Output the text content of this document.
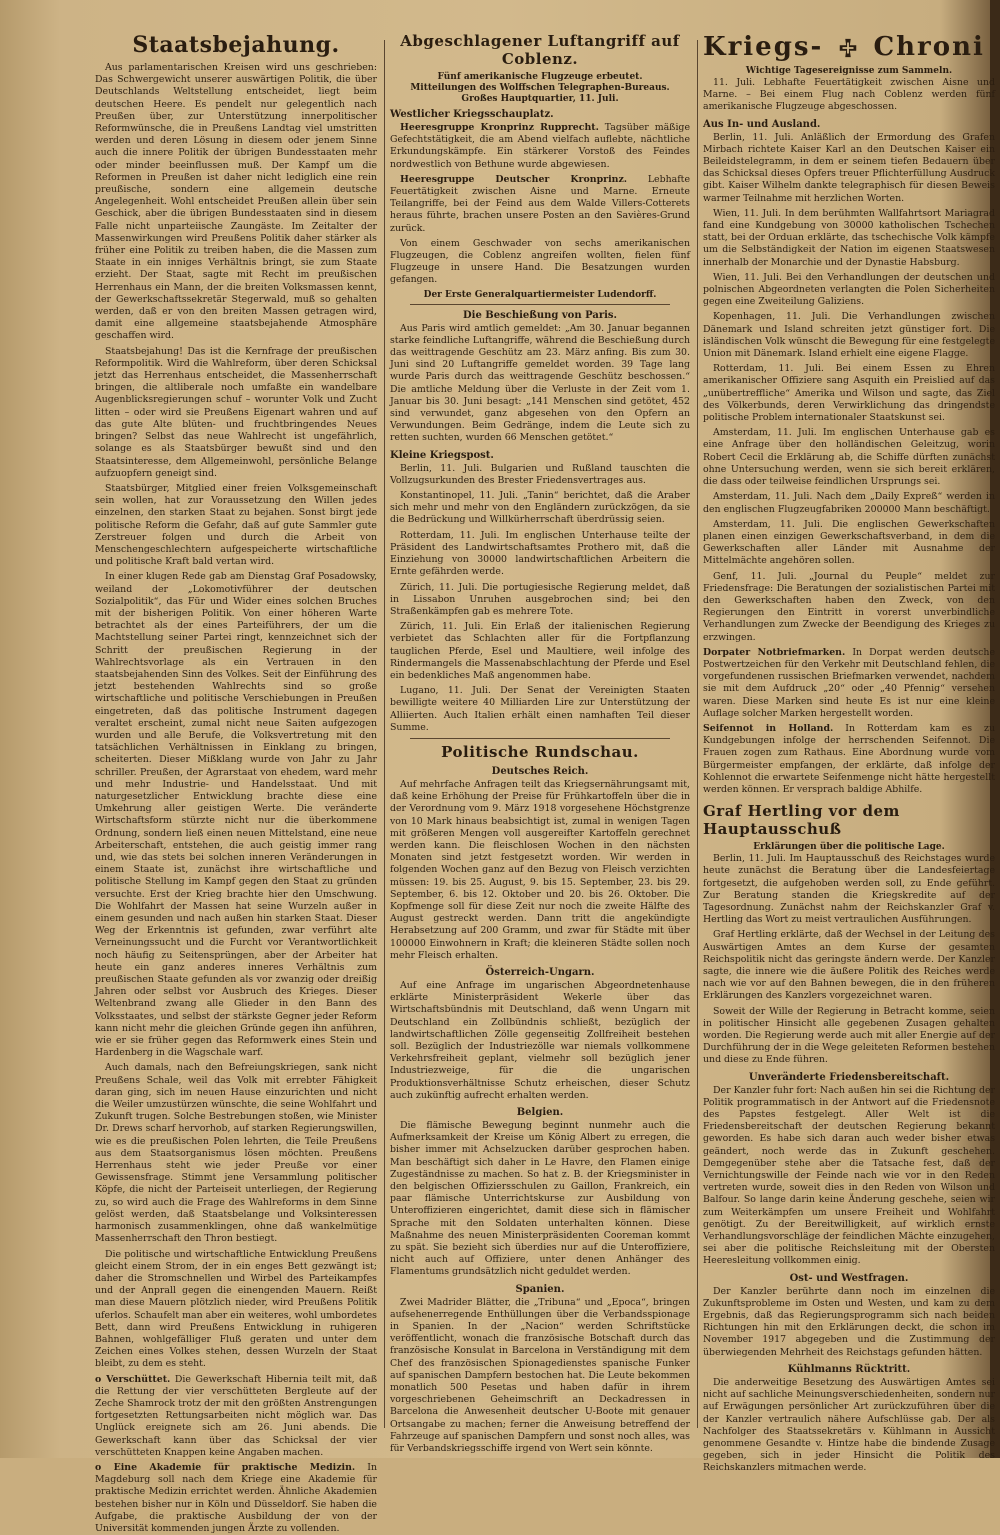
Staatsbejahung.

Aus parlamentarischen Kreisen wird uns geschrieben: Das Schwergewicht unserer auswärtigen Politik, die über Deutschlands Weltstellung entscheidet, liegt beim deutschen Heere. Es pendelt nur gelegentlich nach Preußen über, zur Unterstützung innerpolitischer Reformwünsche, die in Preußens Landtag viel umstritten werden und deren Lösung in diesem oder jenem Sinne auch die innere Politik der übrigen Bundesstaaten mehr oder minder beeinflussen muß. Der Kampf um die Reformen in Preußen ist daher nicht lediglich eine rein preußische, sondern eine allgemein deutsche Angelegenheit. Wohl entscheidet Preußen allein über sein Geschick, aber die übrigen Bundesstaaten sind in diesem Falle nicht unparteiische Zaungäste. Im Zeitalter der Massenwirkungen wird Preußens Politik daher stärker als früher eine Politik zu treiben haben, die die Massen zum Staate in ein inniges Verhältnis bringt, sie zum Staate erzieht. Der Staat, sagte mit Recht im preußischen Herrenhaus ein Mann, der die breiten Volksmassen kennt, der Gewerkschaftssekretär Stegerwald, muß so gehalten werden, daß er von den breiten Massen getragen wird, damit eine allgemeine staatsbejahende Atmosphäre geschaffen wird.

Staatsbejahung! Das ist die Kernfrage der preußischen Reformpolitik. Wird die Wahlreform, über deren Schicksal jetzt das Herrenhaus entscheidet, die Massenherrschaft bringen, die altliberale noch umfaßte ein wandelbare Augenblicksregierungen schuf – worunter Volk und Zucht litten – oder wird sie Preußens Eigenart wahren und auf das gute Alte blüten- und fruchtbringendes Neues bringen? Selbst das neue Wahlrecht ist ungefährlich, solange es als Staatsbürger bewußt sind und den Staatsinteresse, dem Allgemeinwohl, persönliche Belange aufzuopfern geneigt sind.

Staatsbürger, Mitglied einer freien Volksgemeinschaft sein wollen, hat zur Voraussetzung den Willen jedes einzelnen, den starken Staat zu bejahen. Sonst birgt jede politische Reform die Gefahr, daß auf gute Sammler gute Zerstreuer folgen und durch die Arbeit von Menschengeschlechtern aufgespeicherte wirtschaftliche und politische Kraft bald vertan wird.

In einer klugen Rede gab am Dienstag Graf Posadowsky, weiland der „Lokomotivführer der deutschen Sozialpolitik“, das Für und Wider eines solchen Bruches mit der bisherigen Politik. Von einer höheren Warte betrachtet als der eines Parteiführers, der um die Machtstellung seiner Partei ringt, kennzeichnet sich der Schritt der preußischen Regierung in der Wahlrechtsvorlage als ein Vertrauen in den staatsbejahenden Sinn des Volkes. Seit der Einführung des jetzt bestehenden Wahlrechts sind so große wirtschaftliche und politische Verschiebungen in Preußen eingetreten, daß das politische Instrument dagegen veraltet erscheint, zumal nicht neue Saiten aufgezogen wurden und alle Berufe, die Volksvertretung mit den tatsächlichen Verhältnissen in Einklang zu bringen, scheiterten. Dieser Mißklang wurde von Jahr zu Jahr schriller. Preußen, der Agrarstaat von ehedem, ward mehr und mehr Industrie- und Handelsstaat. Und mit naturgesetzlicher Entwicklung brachte diese eine Umkehrung aller geistigen Werte. Die veränderte Wirtschaftsform stürzte nicht nur die überkommene Ordnung, sondern ließ einen neuen Mittelstand, eine neue Arbeiterschaft, entstehen, die auch geistig immer rang und, wie das stets bei solchen inneren Veränderungen in einem Staate ist, zunächst ihre wirtschaftliche und politische Stellung im Kampf gegen den Staat zu gründen versuchte. Erst der Krieg brachte hier den Umschwung. Die Wohlfahrt der Massen hat seine Wurzeln außer in einem gesunden und nach außen hin starken Staat. Dieser Weg der Erkenntnis ist gefunden, zwar verführt alte Verneinungssucht und die Furcht vor Verantwortlichkeit noch häufig zu Seitensprüngen, aber der Arbeiter hat heute ein ganz anderes inneres Verhältnis zum preußischen Staate gefunden als vor zwanzig oder dreißig Jahren oder selbst vor Ausbruch des Krieges. Dieser Weltenbrand zwang alle Glieder in den Bann des Volksstaates, und selbst der stärkste Gegner jeder Reform kann nicht mehr die gleichen Gründe gegen ihn anführen, wie er sie früher gegen das Reformwerk eines Stein und Hardenberg in die Wagschale warf.

Auch damals, nach den Befreiungskriegen, sank nicht Preußens Schale, weil das Volk mit errebter Fähigkeit daran ging, sich im neuen Hause einzurichten und nicht die Weiler umzustürzen wünschte, die seine Wohlfahrt und Zukunft trugen. Solche Bestrebungen stoßen, wie Minister Dr. Drews scharf hervorhob, auf starken Regierungswillen, wie es die preußischen Polen lehrten, die Teile Preußens aus dem Staatsorganismus lösen möchten. Preußens Herrenhaus steht wie jeder Preuße vor einer Gewissensfrage. Stimmt jene Versammlung politischer Köpfe, die nicht der Parteiseit unterliegen, der Regierung zu, so wird auch die Frage des Wahlreforms in dem Sinne gelöst werden, daß Staatsbelange und Volksinteressen harmonisch zusammenklingen, ohne daß wankelmütige Massenherrschaft den Thron bestiegt.

Die politische und wirtschaftliche Entwicklung Preußens gleicht einem Strom, der in ein enges Bett gezwängt ist; daher die Stromschnellen und Wirbel des Parteikampfes und der Anprall gegen die einengenden Mauern. Reißt man diese Mauern plötzlich nieder, wird Preußens Politik uferlos. Schaufelt man aber ein weiteres, wohl umbordetes Bett, dann wird Preußens Entwicklung in ruhigeren Bahnen, wohlgefälliger Fluß geraten und unter dem Zeichen eines Volkes stehen, dessen Wurzeln der Staat bleibt, zu dem es steht.

o Verschüttet. Die Gewerkschaft Hibernia teilt mit, daß die Rettung der vier verschütteten Bergleute auf der Zeche Shamrock trotz der mit den größten Anstrengungen fortgesetzten Rettungsarbeiten nicht möglich war. Das Unglück ereignete sich am 26. Juni abends. Die Gewerkschaft kann über das Schicksal der vier verschütteten Knappen keine Angaben machen.

o Eine Akademie für praktische Medizin. In Magdeburg soll nach dem Kriege eine Akademie für praktische Medizin errichtet werden. Ähnliche Akademien bestehen bisher nur in Köln und Düsseldorf. Sie haben die Aufgabe, die praktische Ausbildung der von der Universität kommenden jungen Ärzte zu vollenden.

Abgeschlagener Luftangriff auf Coblenz.
Fünf amerikanische Flugzeuge erbeutet.
Mitteilungen des Wolffschen Telegraphen-Bureaus.
Großes Hauptquartier, 11. Juli.
Westlicher Kriegsschauplatz.

Heeresgruppe Kronprinz Rupprecht. Tagsüber mäßige Gefechtstätigkeit, die am Abend vielfach auflebte, nächtliche Erkundungskämpfe. Ein stärkerer Vorstoß des Feindes nordwestlich von Bethune wurde abgewiesen.

Heeresgruppe Deutscher Kronprinz. Lebhafte Feuertätigkeit zwischen Aisne und Marne. Erneute Teilangriffe, bei der Feind aus dem Walde Villers-Cotterets heraus führte, brachen unsere Posten an den Savières-Grund zurück.

Von einem Geschwader von sechs amerikanischen Flugzeugen, die Coblenz angreifen wollten, fielen fünf Flugzeuge in unsere Hand. Die Besatzungen wurden gefangen.

Der Erste Generalquartiermeister Ludendorff.
Die Beschießung von Paris.

Aus Paris wird amtlich gemeldet: „Am 30. Januar begannen starke feindliche Luftangriffe, während die Beschießung durch das weittragende Geschütz am 23. März anfing. Bis zum 30. Juni sind 20 Luftangriffe gemeldet worden. 39 Tage lang wurde Paris durch das weittragende Geschütz beschossen.“ Die amtliche Meldung über die Verluste in der Zeit vom 1. Januar bis 30. Juni besagt: „141 Menschen sind getötet, 452 sind verwundet, ganz abgesehen von den Opfern an Verwundungen. Beim Gedränge, indem die Leute sich zu retten suchten, wurden 66 Menschen getötet.“

Kleine Kriegspost.

Berlin, 11. Juli. Bulgarien und Rußland tauschten die Vollzugsurkunden des Brester Friedensvertrages aus.

Konstantinopel, 11. Juli. „Tanin“ berichtet, daß die Araber sich mehr und mehr von den Engländern zurückzögen, da sie die Bedrückung und Willkürherrschaft überdrüssig seien.

Rotterdam, 11. Juli. Im englischen Unterhause teilte der Präsident des Landwirtschaftsamtes Prothero mit, daß die Einziehung von 30000 landwirtschaftlichen Arbeitern die Ernte gefährden werde.

Zürich, 11. Juli. Die portugiesische Regierung meldet, daß in Lissabon Unruhen ausgebrochen sind; bei den Straßenkämpfen gab es mehrere Tote.

Zürich, 11. Juli. Ein Erlaß der italienischen Regierung verbietet das Schlachten aller für die Fortpflanzung tauglichen Pferde, Esel und Maultiere, weil infolge des Rindermangels die Massenabschlachtung der Pferde und Esel ein bedenkliches Maß angenommen habe.

Lugano, 11. Juli. Der Senat der Vereinigten Staaten bewilligte weitere 40 Milliarden Lire zur Unterstützung der Alliierten. Auch Italien erhält einen namhaften Teil dieser Summe.

Politische Rundschau.
Deutsches Reich.

Auf mehrfache Anfragen teilt das Kriegsernährungsamt mit, daß keine Erhöhung der Preise für Frühkartoffeln über die in der Verordnung vom 9. März 1918 vorgesehene Höchstgrenze von 10 Mark hinaus beabsichtigt ist, zumal in wenigen Tagen mit größeren Mengen voll ausgereifter Kartoffeln gerechnet werden kann. Die fleischlosen Wochen in den nächsten Monaten sind jetzt festgesetzt worden. Wir werden in folgenden Wochen ganz auf den Bezug von Fleisch verzichten müssen: 19. bis 25. August, 9. bis 15. September, 23. bis 29. September, 6. bis 12. Oktober und 20. bis 26. Oktober. Die Kopfmenge soll für diese Zeit nur noch die zweite Hälfte des August gestreckt werden. Dann tritt die angekündigte Herabsetzung auf 200 Gramm, und zwar für Städte mit über 100000 Einwohnern in Kraft; die kleineren Städte sollen noch mehr Fleisch erhalten.

Österreich-Ungarn.

Auf eine Anfrage im ungarischen Abgeordnetenhause erklärte Ministerpräsident Wekerle über das Wirtschaftsbündnis mit Deutschland, daß wenn Ungarn mit Deutschland ein Zollbündnis schließt, bezüglich der landwirtschaftlichen Zölle gegenseitig Zollfreiheit bestehen soll. Bezüglich der Industriezölle war niemals vollkommene Verkehrsfreiheit geplant, vielmehr soll bezüglich jener Industriezweige, für die die ungarischen Produktionsverhältnisse Schutz erheischen, dieser Schutz auch zukünftig aufrecht erhalten werden.

Belgien.

Die flämische Bewegung beginnt nunmehr auch die Aufmerksamkeit der Kreise um König Albert zu erregen, die bisher immer mit Achselzucken darüber gesprochen haben. Man beschäftigt sich daher in Le Havre, den Flamen einige Zugeständnisse zu machen. So hat z. B. der Kriegsminister in den belgischen Offiziersschulen zu Gaillon, Frankreich, ein paar flämische Unterrichtskurse zur Ausbildung von Unteroffizieren eingerichtet, damit diese sich in flämischer Sprache mit den Soldaten unterhalten können. Diese Maßnahme des neuen Ministerpräsidenten Cooreman kommt zu spät. Sie bezieht sich überdies nur auf die Unteroffiziere, nicht auch auf Offiziere, unter denen Anhänger des Flamentums grundsätzlich nicht geduldet werden.

Spanien.

Zwei Madrider Blätter, die „Tribuna“ und „Epoca“, bringen aufsehenerregende Enthüllungen über die Verbandsspionage in Spanien. In der „Nacion“ werden Schriftstücke veröffentlicht, wonach die französische Botschaft durch das französische Konsulat in Barcelona in Verständigung mit dem Chef des französischen Spionagedienstes spanische Funker auf spanischen Dampfern bestochen hat. Die Leute bekommen monatlich 500 Pesetas und haben dafür in ihrem vorgeschriebenen Geheimschrift an Deckadressen in Barcelona die Anwesenheit deutscher U-Boote mit genauer Ortsangabe zu machen; ferner die Anweisung betreffend der Fahrzeuge auf spanischen Dampfern und sonst noch alles, was für Verbandskriegsschiffe irgend von Wert sein könnte.

Kriegs- Chroni
Wichtige Tagesereignisse zum Sammeln.

11. Juli. Lebhafte Feuertätigkeit zwischen Aisne und Marne. – Bei einem Flug nach Coblenz werden fünf amerikanische Flugzeuge abgeschossen.

Aus In- und Ausland.

Berlin, 11. Juli. Anläßlich der Ermordung des Grafen Mirbach richtete Kaiser Karl an den Deutschen Kaiser ein Beileidstelegramm, in dem er seinem tiefen Bedauern über das Schicksal dieses Opfers treuer Pflichterfüllung Ausdruck gibt. Kaiser Wilhelm dankte telegraphisch für diesen Beweis warmer Teilnahme mit herzlichen Worten.

Wien, 11. Juli. In dem berühmten Wallfahrtsort Mariagrad fand eine Kundgebung von 30000 katholischen Tschechen statt, bei der Orduan erklärte, das tschechische Volk kämpfe um die Selbständigkeit der Nation im eigenen Staatswesen innerhalb der Monarchie und der Dynastie Habsburg.

Wien, 11. Juli. Bei den Verhandlungen der deutschen und polnischen Abgeordneten verlangten die Polen Sicherheiten gegen eine Zweiteilung Galiziens.

Kopenhagen, 11. Juli. Die Verhandlungen zwischen Dänemark und Island schreiten jetzt günstiger fort. Die isländischen Volk wünscht die Bewegung für eine festgelegte Union mit Dänemark. Island erhielt eine eigene Flagge.

Rotterdam, 11. Juli. Bei einem Essen zu Ehren amerikanischer Offiziere sang Asquith ein Preislied auf das „unübertreffliche“ Amerika und Wilson und sagte, das Ziel des Völkerbunds, deren Verwirklichung das dringendste politische Problem internationaler Staatskunst sei.

Amsterdam, 11. Juli. Im englischen Unterhause gab es eine Anfrage über den holländischen Geleitzug, worin Robert Cecil die Erklärung ab, die Schiffe dürften zunächst ohne Untersuchung werden, wenn sie sich bereit erklären, die dass oder teilweise feindlichen Ursprungs sei.

Amsterdam, 11. Juli. Nach dem „Daily Expreß“ werden in den englischen Flugzeugfabriken 200000 Mann beschäftigt.

Amsterdam, 11. Juli. Die englischen Gewerkschaften planen einen einzigen Gewerkschaftsverband, in dem die Gewerkschaften aller Länder mit Ausnahme der Mittelmächte angehören sollen.

Genf, 11. Juli. „Journal du Peuple“ meldet zur Friedensfrage: Die Beratungen der sozialistischen Partei mit den Gewerkschaften haben den Zweck, von den Regierungen den Eintritt in vorerst unverbindliche Verhandlungen zum Zwecke der Beendigung des Krieges zu erzwingen.

Dorpater Notbriefmarken. In Dorpat werden deutsche Postwertzeichen für den Verkehr mit Deutschland fehlen, die vorgefundenen russischen Briefmarken verwendet, nachdem sie mit dem Aufdruck „20“ oder „40 Pfennig“ versehen waren. Diese Marken sind heute Es ist nur eine kleine Auflage solcher Marken hergestellt worden.

Seifennot in Holland. In Rotterdam kam es zu Kundgebungen infolge der herrschenden Seifennot. Die Frauen zogen zum Rathaus. Eine Abordnung wurde vom Bürgermeister empfangen, der erklärte, daß infolge der Kohlennot die erwartete Seifenmenge nicht hätte hergestellt werden können. Er versprach baldige Abhilfe.

Graf Hertling vor dem Hauptausschuß
Erklärungen über die politische Lage.

Berlin, 11. Juli. Im Hauptausschuß des Reichstages wurde heute zunächst die Beratung über die Landesfeiertage fortgesetzt, die aufgehoben werden soll, zu Ende geführt. Zur Beratung standen die Kriegskredite auf der Tagesordnung. Zunächst nahm der Reichskanzler Graf v. Hertling das Wort zu meist vertraulichen Ausführungen.

Graf Hertling erklärte, daß der Wechsel in der Leitung des Auswärtigen Amtes an dem Kurse der gesamten Reichspolitik nicht das geringste ändern werde. Der Kanzler sagte, die innere wie die äußere Politik des Reiches werde nach wie vor auf den Bahnen bewegen, die in den früheren Erklärungen des Kanzlers vorgezeichnet waren.

Soweit der Wille der Regierung in Betracht komme, seien in politischer Hinsicht alle gegebenen Zusagen gehalten worden. Die Regierung werde auch mit aller Energie auf der Durchführung der in die Wege geleiteten Reformen bestehen und diese zu Ende führen.

Unveränderte Friedensbereitschaft.

Der Kanzler fuhr fort: Nach außen hin sei die Richtung der Politik programmatisch in der Antwort auf die Friedensnote des Papstes festgelegt. Aller Welt ist die Friedensbereitschaft der deutschen Regierung bekannt geworden. Es habe sich daran auch weder bisher etwas geändert, noch werde das in Zukunft geschehen. Demgegenüber stehe aber die Tatsache fest, daß der Vernichtungswille der Feinde nach wie vor in den Reden vertreten wurde, soweit dies in den Reden von Wilson und Balfour. So lange darin keine Änderung geschehe, seien wir zum Weiterkämpfen um unsere Freiheit und Wohlfahrt genötigt. Zu der Bereitwilligkeit, auf wirklich ernste Verhandlungsvorschläge der feindlichen Mächte einzugehen, sei aber die politische Reichsleitung mit der Obersten Heeresleitung vollkommen einig.

Ost- und Westfragen.

Der Kanzler berührte dann noch im einzelnen die Zukunftsprobleme im Osten und Westen, und kam zu dem Ergebnis, daß das Regierungsprogramm sich nach beiden Richtungen hin mit den Erklärungen deckt, die schon im November 1917 abgegeben und die Zustimmung der überwiegenden Mehrheit des Reichstags gefunden hätten.

Kühlmanns Rücktritt.

Die anderweitige Besetzung des Auswärtigen Amtes sei nicht auf sachliche Meinungsverschiedenheiten, sondern nur auf Erwägungen persönlicher Art zurückzuführen über die der Kanzler vertraulich nähere Aufschlüsse gab. Der als Nachfolger des Staatssekretärs v. Kühlmann in Aussicht genommene Gesandte v. Hintze habe die bindende Zusage gegeben, sich in jeder Hinsicht die Politik des Reichskanzlers mitmachen werde.
